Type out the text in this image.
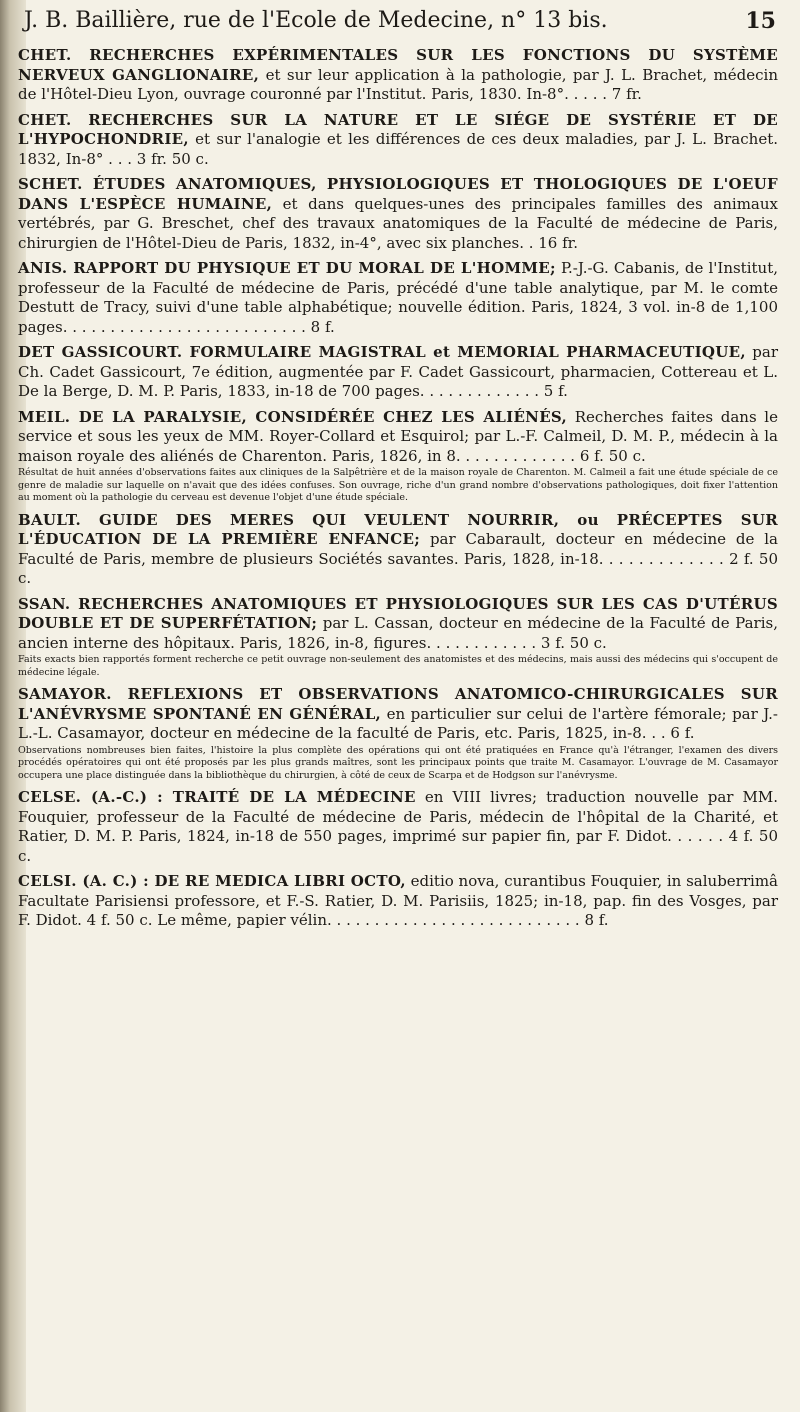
J. B. Baillière, rue de l'Ecole de Medecine, n° 13 bis.	15

CHET. RECHERCHES EXPÉRIMENTALES SUR LES FONCTIONS DU SYSTÈME NERVEUX GANGLIONAIRE, et sur leur application à la pathologie, par J. L. Brachet, médecin de l'Hôtel-Dieu Lyon, ouvrage couronné par l'Institut. Paris, 1830. In-8°. . . . . 7 fr.

CHET. RECHERCHES SUR LA NATURE ET LE SIÉGE DE SYSTÉRIE ET DE L'HYPOCHONDRIE, et sur l'analogie et les différences de ces deux maladies, par J. L. Brachet. 1832, In-8° . . . 3 fr. 50 c.

SCHET. ÉTUDES ANATOMIQUES, PHYSIOLOGIQUES ET THOLOGIQUES DE L'OEUF DANS L'ESPÈCE HUMAINE, et dans quelques-unes des principales familles des animaux vertébrés, par G. Breschet, chef des travaux anatomiques de la Faculté de médecine de Paris, chirurgien de l'Hôtel-Dieu de Paris, 1832, in-4°, avec six planches. . 16 fr.

ANIS. RAPPORT DU PHYSIQUE ET DU MORAL DE L'HOMME; P.-J.-G. Cabanis, de l'Institut, professeur de la Faculté de médecine de Paris, précédé d'une table analytique, par M. le comte Destutt de Tracy, suivi d'une table alphabétique; nouvelle édition. Paris, 1824, 3 vol. in-8 de 1,100 pages. . . . . . . . . . . . . . . . . . . . . . . . . . 8 f.

DET GASSICOURT. FORMULAIRE MAGISTRAL et MEMORIAL PHARMACEUTIQUE, par Ch. Cadet Gassicourt, 7e édition, augmentée par F. Cadet Gassicourt, pharmacien, Cottereau et L. De la Berge, D. M. P. Paris, 1833, in-18 de 700 pages. . . . . . . . . . . . . 5 f.

MEIL. DE LA PARALYSIE, CONSIDÉRÉE CHEZ LES ALIÉNÉS, Recherches faites dans le service et sous les yeux de MM. Royer-Collard et Esquirol; par L.-F. Calmeil, D. M. P., médecin à la maison royale des aliénés de Charenton. Paris, 1826, in 8. . . . . . . . . . . . . 6 f. 50 c.

Résultat de huit années d'observations faites aux cliniques de la Salpêtrière et de la maison royale de Charenton. M. Calmeil a fait une étude spéciale de ce genre de maladie sur laquelle on n'avait que des idées confuses. Son ouvrage, riche d'un grand nombre d'observations pathologiques, doit fixer l'attention au moment où la pathologie du cerveau est devenue l'objet d'une étude spéciale.

BAULT. GUIDE DES MERES QUI VEULENT NOURRIR, ou PRÉCEPTES SUR L'ÉDUCATION DE LA PREMIÈRE ENFANCE; par Cabarault, docteur en médecine de la Faculté de Paris, membre de plusieurs Sociétés savantes. Paris, 1828, in-18. . . . . . . . . . . . . 2 f. 50 c.

SSAN. RECHERCHES ANATOMIQUES ET PHYSIOLOGIQUES SUR LES CAS D'UTÉRUS DOUBLE ET DE SUPERFÉTATION; par L. Cassan, docteur en médecine de la Faculté de Paris, ancien interne des hôpitaux. Paris, 1826, in-8, figures. . . . . . . . . . . . 3 f. 50 c.

Faits exacts bien rapportés forment recherche ce petit ouvrage non-seulement des anatomistes et des médecins, mais aussi des médecins qui s'occupent de médecine légale.

SAMAYOR. REFLEXIONS ET OBSERVATIONS ANATOMICO-CHIRURGICALES SUR L'ANÉVRYSME SPONTANÉ EN GÉNÉRAL, en particulier sur celui de l'artère fémorale; par J.-L.-L. Casamayor, docteur en médecine de la faculté de Paris, etc. Paris, 1825, in-8. . . 6 f.

Observations nombreuses bien faites, l'histoire la plus complète des opérations qui ont été pratiquées en France qu'à l'étranger, l'examen des divers procédés opératoires qui ont été proposés par les plus grands maîtres, sont les principaux points que traite M. Casamayor. L'ouvrage de M. Casamayor occupera une place distinguée dans la bibliothèque du chirurgien, à côté de ceux de Scarpa et de Hodgson sur l'anévrysme.

CELSE. (A.-C.) : TRAITÉ DE LA MÉDECINE en VIII livres; traduction nouvelle par MM. Fouquier, professeur de la Faculté de médecine de Paris, médecin de l'hôpital de la Charité, et Ratier, D. M. P. Paris, 1824, in-18 de 550 pages, imprimé sur papier fin, par F. Didot. . . . . . 4 f. 50 c.

CELSI. (A. C.) : DE RE MEDICA LIBRI OCTO, editio nova, curantibus Fouquier, in saluberrimâ Facultate Parisiensi professore, et F.-S. Ratier, D. M. Parisiis, 1825; in-18, pap. fin des Vosges, par F. Didot. 4 f. 50 c. Le même, papier vélin. . . . . . . . . . . . . . . . . . . . . . . . . . . 8 f.
